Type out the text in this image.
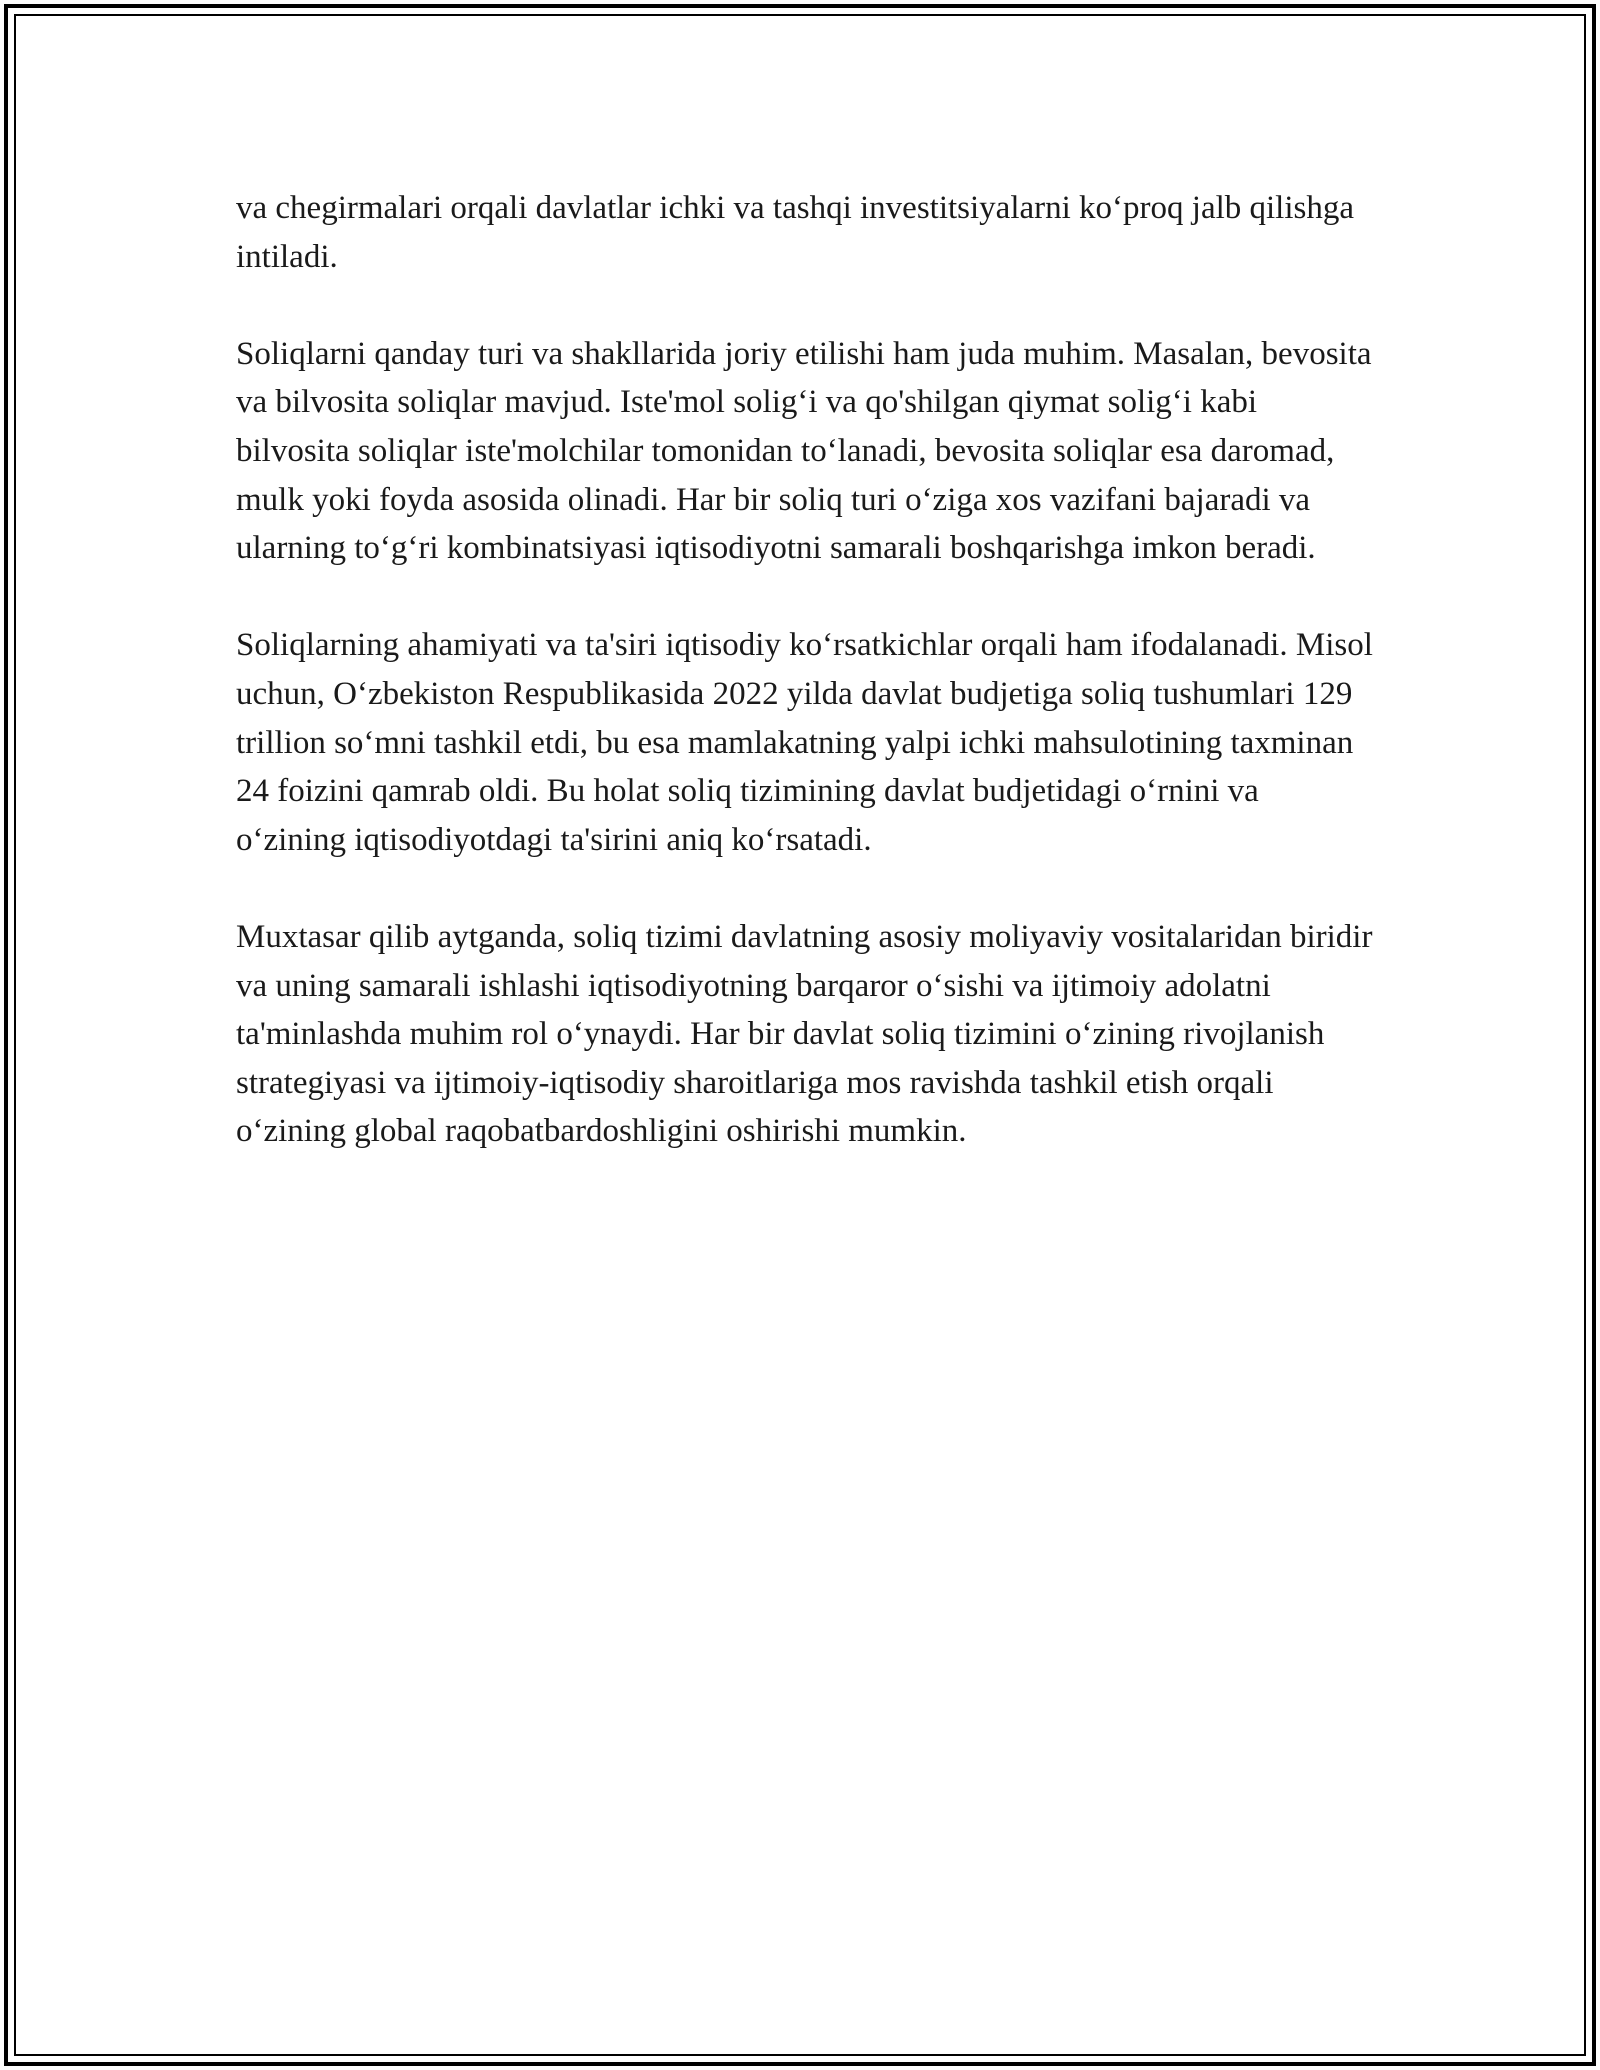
va chegirmalari orqali davlatlar ichki va tashqi investitsiyalarni ko‘proq jalb qilishga intiladi.

Soliqlarni qanday turi va shakllarida joriy etilishi ham juda muhim. Masalan, bevosita va bilvosita soliqlar mavjud. Iste'mol solig‘i va qo'shilgan qiymat solig‘i kabi bilvosita soliqlar iste'molchilar tomonidan to‘lanadi, bevosita soliqlar esa daromad, mulk yoki foyda asosida olinadi. Har bir soliq turi o‘ziga xos vazifani bajaradi va ularning to‘g‘ri kombinatsiyasi iqtisodiyotni samarali boshqarishga imkon beradi.

Soliqlarning ahamiyati va ta'siri iqtisodiy ko‘rsatkichlar orqali ham ifodalanadi. Misol uchun, O‘zbekiston Respublikasida 2022 yilda davlat budjetiga soliq tushumlari 129 trillion so‘mni tashkil etdi, bu esa mamlakatning yalpi ichki mahsulotining taxminan 24 foizini qamrab oldi. Bu holat soliq tizimining davlat budjetidagi o‘rnini va o‘zining iqtisodiyotdagi ta'sirini aniq ko‘rsatadi.

Muxtasar qilib aytganda, soliq tizimi davlatning asosiy moliyaviy vositalaridan biridir va uning samarali ishlashi iqtisodiyotning barqaror o‘sishi va ijtimoiy adolatni ta'minlashda muhim rol o‘ynaydi. Har bir davlat soliq tizimini o‘zining rivojlanish strategiyasi va ijtimoiy-iqtisodiy sharoitlariga mos ravishda tashkil etish orqali o‘zining global raqobatbardoshligini oshirishi mumkin.
